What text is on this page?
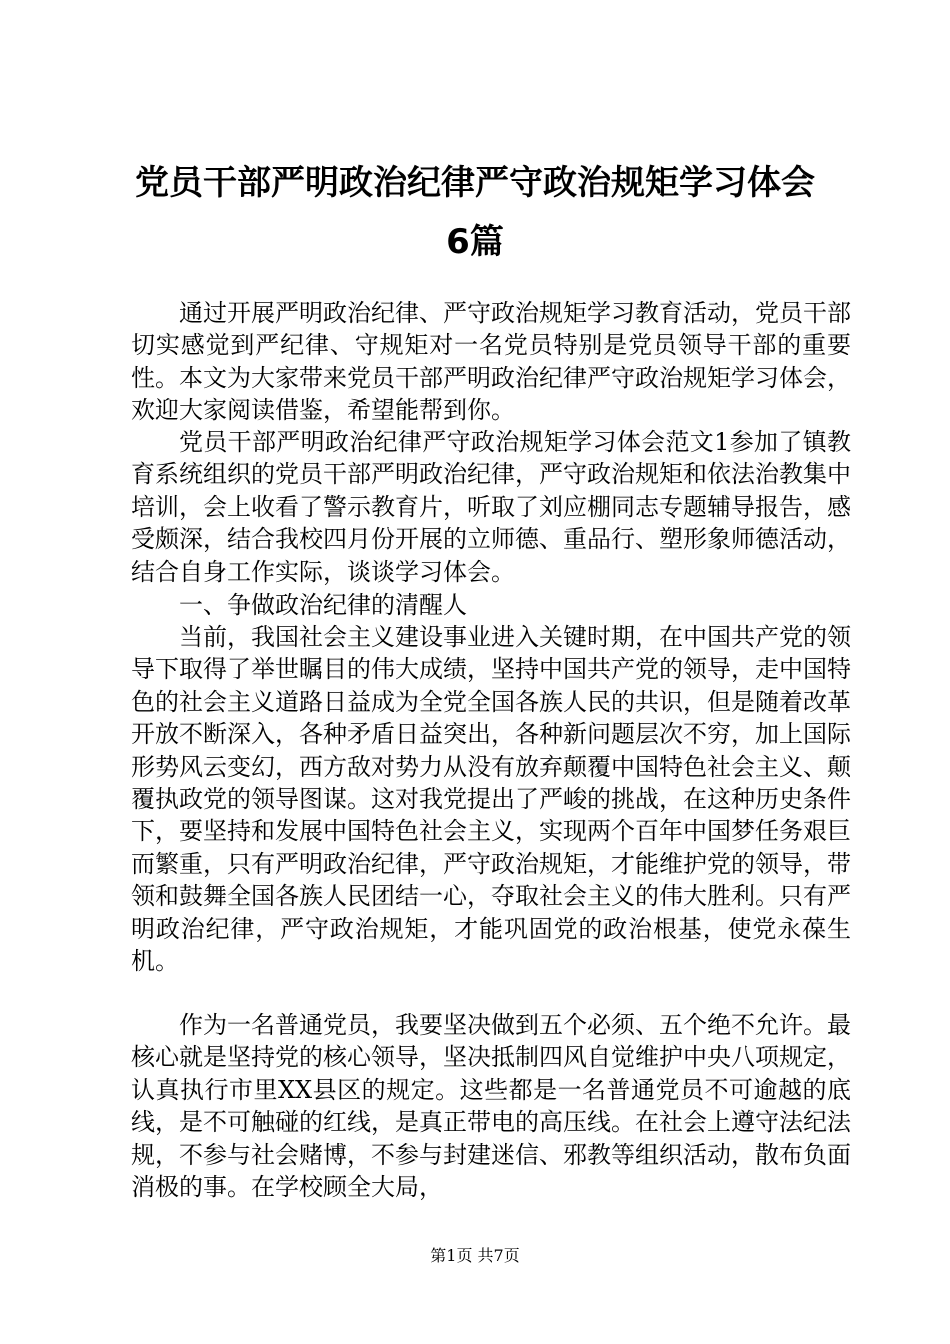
党员干部严明政治纪律严守政治规矩学习体会
6篇

通过开展严明政治纪律、严守政治规矩学习教育活动，党员干部切实感觉到严纪律、守规矩对一名党员特别是党员领导干部的重要性。本文为大家带来党员干部严明政治纪律严守政治规矩学习体会，欢迎大家阅读借鉴，希望能帮到你。

党员干部严明政治纪律严守政治规矩学习体会范文1参加了镇教育系统组织的党员干部严明政治纪律，严守政治规矩和依法治教集中培训，会上收看了警示教育片，听取了刘应棚同志专题辅导报告，感受颇深，结合我校四月份开展的立师德、重品行、塑形象师德活动，结合自身工作实际，谈谈学习体会。

一、争做政治纪律的清醒人

当前，我国社会主义建设事业进入关键时期，在中国共产党的领导下取得了举世瞩目的伟大成绩，坚持中国共产党的领导，走中国特色的社会主义道路日益成为全党全国各族人民的共识，但是随着改革开放不断深入，各种矛盾日益突出，各种新问题层次不穷，加上国际形势风云变幻，西方敌对势力从没有放弃颠覆中国特色社会主义、颠覆执政党的领导图谋。这对我党提出了严峻的挑战，在这种历史条件下，要坚持和发展中国特色社会主义，实现两个百年中国梦任务艰巨而繁重，只有严明政治纪律，严守政治规矩，才能维护党的领导，带领和鼓舞全国各族人民团结一心，夺取社会主义的伟大胜利。只有严明政治纪律，严守政治规矩，才能巩固党的政治根基，使党永葆生机。

作为一名普通党员，我要坚决做到五个必须、五个绝不允许。最核心就是坚持党的核心领导，坚决抵制四风自觉维护中央八项规定，认真执行市里XX县区的规定。这些都是一名普通党员不可逾越的底线，是不可触碰的红线，是真正带电的高压线。在社会上遵守法纪法规，不参与社会赌博，不参与封建迷信、邪教等组织活动，散布负面消极的事。在学校顾全大局，

第1页 共7页
